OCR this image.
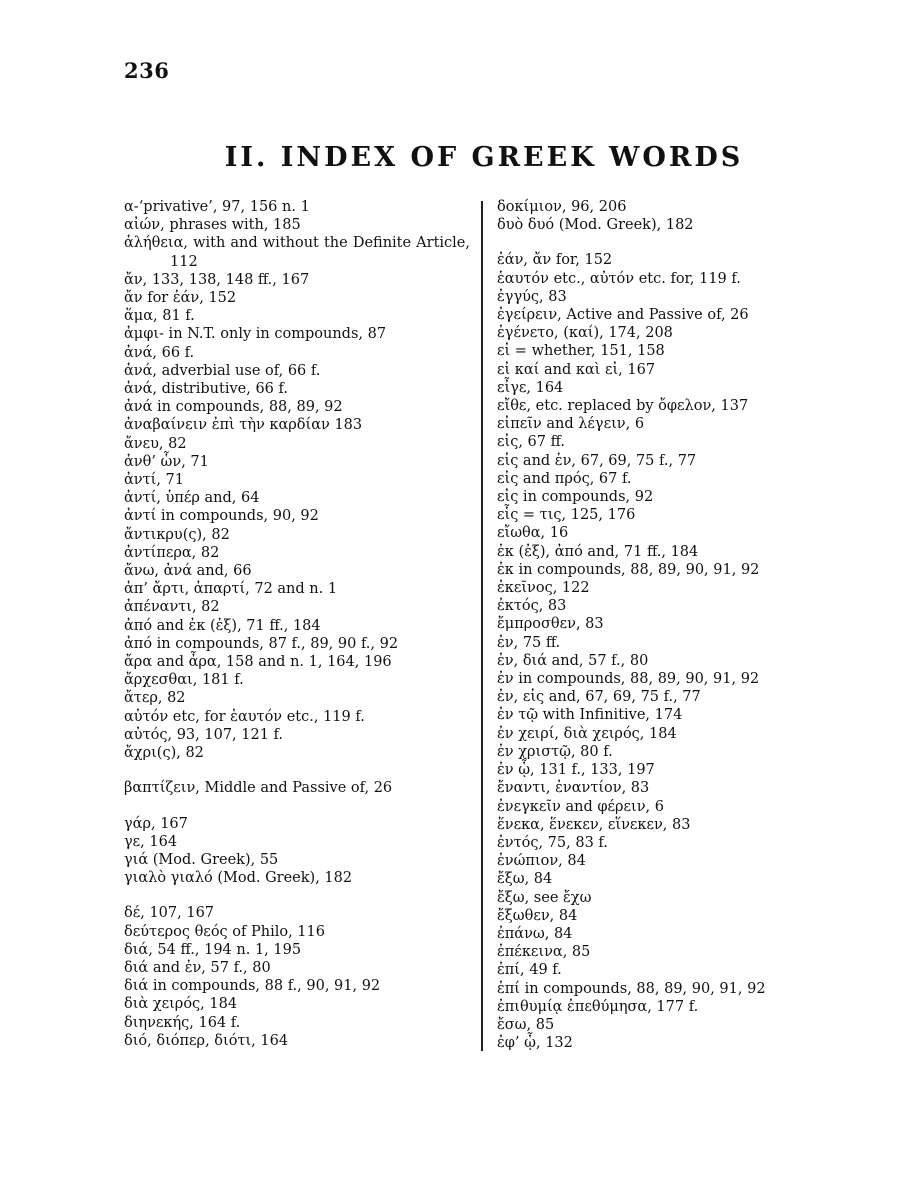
236
II. INDEX OF GREEK WORDS

α-‘privative’, 97, 156 n. 1

αἰών, phrases with, 185

ἀλήθεια, with and without the Definite Article, 112

ἄν, 133, 138, 148 ff., 167

ἄν for ἐάν, 152

ἅμα, 81 f.

ἀμφι- in N.T. only in compounds, 87

ἀνά, 66 f.

ἀνά, adverbial use of, 66 f.

ἀνά, distributive, 66 f.

ἀνά in compounds, 88, 89, 92

ἀναβαίνειν ἐπὶ τὴν καρδίαν 183

ἄνευ, 82

ἀνθ’ ὧν, 71

ἀντί, 71

ἀντί, ὑπέρ and, 64

ἀντί in compounds, 90, 92

ἄντικρυ(ς), 82

ἀντίπερα, 82

ἄνω, ἀνά and, 66

ἀπ’ ἄρτι, ἀπαρτί, 72 and n. 1

ἀπέναντι, 82

ἀπό and ἐκ (ἐξ), 71 ff., 184

ἀπό in compounds, 87 f., 89, 90 f., 92

ἄρα and ἆρα, 158 and n. 1, 164, 196

ἄρχεσθαι, 181 f.

ἄτερ, 82

αὐτόν etc, for ἑαυτόν etc., 119 f.

αὐτός, 93, 107, 121 f.

ἄχρι(ς), 82

βαπτίζειν, Middle and Passive of, 26

γάρ, 167

γε, 164

γιά (Mod. Greek), 55

γιαλὸ γιαλό (Mod. Greek), 182

δέ, 107, 167

δεύτερος θεός of Philo, 116

διά, 54 ff., 194 n. 1, 195

διά and ἐν, 57 f., 80

διά in compounds, 88 f., 90, 91, 92

διὰ χειρός, 184

διηνεκής, 164 f.

διό, διόπερ, διότι, 164

δοκίμιον, 96, 206

δυὸ δυό (Mod. Greek), 182

ἐάν, ἄν for, 152

ἑαυτόν etc., αὐτόν etc. for, 119 f.

ἐγγύς, 83

ἐγείρειν, Active and Passive of, 26

ἐγένετο, (καί), 174, 208

εἰ = whether, 151, 158

εἰ καί and καὶ εἰ, 167

εἶγε, 164

εἴθε, etc. replaced by ὄφελον, 137

εἰπεῖν and λέγειν, 6

εἰς, 67 ff.

εἰς and ἐν, 67, 69, 75 f., 77

εἰς and πρός, 67 f.

εἰς in compounds, 92

εἷς = τις, 125, 176

εἴωθα, 16

ἐκ (ἐξ), ἀπό and, 71 ff., 184

ἐκ in compounds, 88, 89, 90, 91, 92

ἐκεῖνος, 122

ἐκτός, 83

ἔμπροσθεν, 83

ἐν, 75 ff.

ἐν, διά and, 57 f., 80

ἐν in compounds, 88, 89, 90, 91, 92

ἐν, εἰς and, 67, 69, 75 f., 77

ἐν τῷ with Infinitive, 174

ἐν χειρί, διὰ χειρός, 184

ἐν χριστῷ, 80 f.

ἐν ᾧ, 131 f., 133, 197

ἔναντι, ἐναντίον, 83

ἐνεγκεῖν and φέρειν, 6

ἕνεκα, ἕνεκεν, εἵνεκεν, 83

ἐντός, 75, 83 f.

ἐνώπιον, 84

ἔξω, 84

ἔξω, see ἔχω

ἔξωθεν, 84

ἐπάνω, 84

ἐπέκεινα, 85

ἐπί, 49 f.

ἐπί in compounds, 88, 89, 90, 91, 92

ἐπιθυμίᾳ ἐπεθύμησα, 177 f.

ἔσω, 85

ἐφ’ ᾧ, 132
